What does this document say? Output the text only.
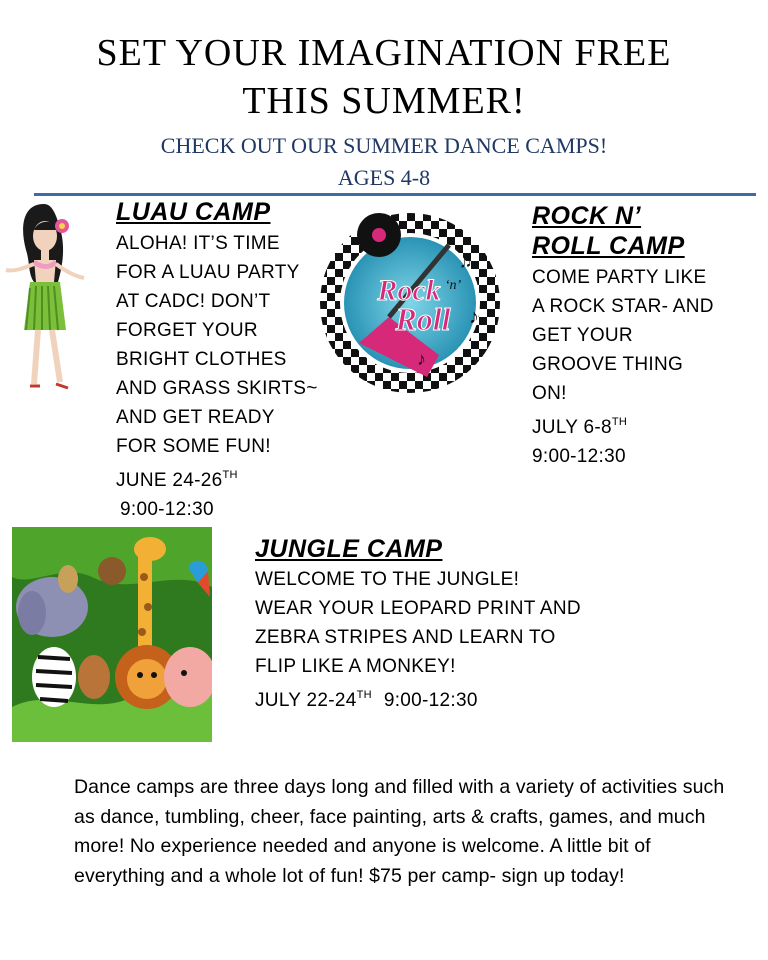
SET YOUR IMAGINATION FREE
THIS SUMMER!
CHECK OUT OUR SUMMER DANCE CAMPS!
AGES 4-8
LUAU CAMP
ALOHA! IT’S TIME
FOR A LUAU PARTY
AT CADC! DON’T
FORGET YOUR
BRIGHT CLOTHES
AND GRASS SKIRTS~
AND GET READY
FOR SOME FUN!
JUNE 24-26TH
9:00-12:30
Rock ‘n’
Roll ♪
♫
♪
ROCK N’
ROLL CAMP
COME PARTY LIKE
A ROCK STAR- AND
GET YOUR
GROOVE THING
ON!
JULY 6-8TH
9:00-12:30
JUNGLE CAMP
WELCOME TO THE JUNGLE!
WEAR YOUR LEOPARD PRINT AND
ZEBRA STRIPES AND LEARN TO
FLIP LIKE A MONKEY!
JULY 22-24TH 9:00-12:30
Dance camps are three days long and filled with a variety of activities such as dance, tumbling, cheer, face painting, arts & crafts, games, and much more! No experience needed and anyone is welcome. A little bit of everything and a whole lot of fun! $75 per camp- sign up today!
